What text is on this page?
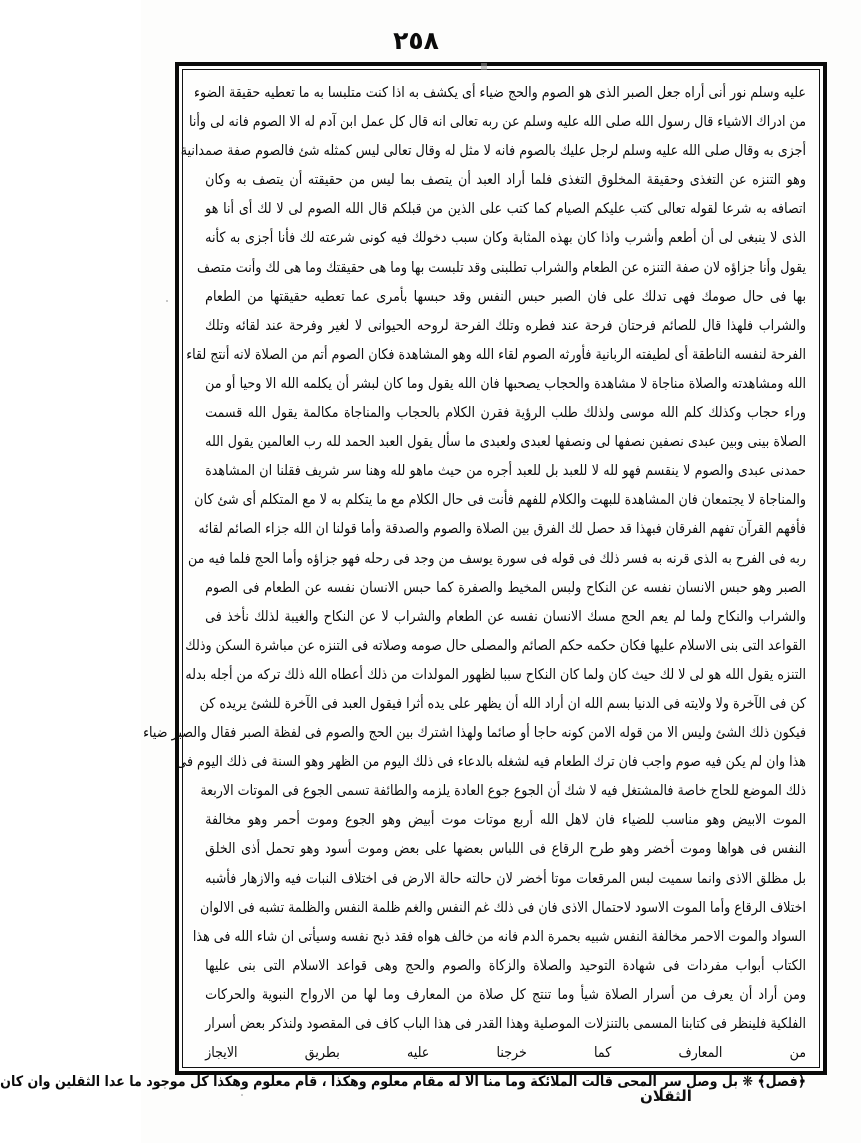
٢٥٨
عليه وسلم نور أنى أراه جعل الصبر الذى هو الصوم والحج ضياء أى يكشف به اذا كنت متلبسا به ما تعطيه حقيقة الضوء
من ادراك الاشياء قال رسول الله صلى الله عليه وسلم عن ربه تعالى انه قال كل عمل ابن آدم له الا الصوم فانه لى وأنا
أجزى به وقال صلى الله عليه وسلم لرجل عليك بالصوم فانه لا مثل له وقال تعالى ليس كمثله شئ فالصوم صفة صمدانية
وهو التنزه عن التغذى وحقيقة المخلوق التغذى فلما أراد العبد أن يتصف بما ليس من حقيقته أن يتصف به وكان
اتصافه به شرعا لقوله تعالى كتب عليكم الصيام كما كتب على الذين من قبلكم قال الله الصوم لى لا لك أى أنا هو
الذى لا ينبغى لى أن أطعم وأشرب واذا كان بهذه المثابة وكان سبب دخولك فيه كونى شرعته لك فأنا أجزى به كأنه
يقول وأنا جزاؤه لان صفة التنزه عن الطعام والشراب تطلبنى وقد تلبست بها وما هى حقيقتك وما هى لك وأنت متصف
بها فى حال صومك فهى تدلك على فان الصبر حبس النفس وقد حبسها بأمرى عما تعطيه حقيقتها من الطعام
والشراب فلهذا قال للصائم فرحتان فرحة عند فطره وتلك الفرحة لروحه الحيوانى لا لغير وفرحة عند لقائه وتلك
الفرحة لنفسه الناطقة أى لطيفته الربانية فأورثه الصوم لقاء الله وهو المشاهدة فكان الصوم أتم من الصلاة لانه أنتج لقاء
الله ومشاهدته والصلاة مناجاة لا مشاهدة والحجاب يصحبها فان الله يقول وما كان لبشر أن يكلمه الله الا وحيا أو من
وراء حجاب وكذلك كلم الله موسى ولذلك طلب الرؤية فقرن الكلام بالحجاب والمناجاة مكالمة يقول الله قسمت
الصلاة بينى وبين عبدى نصفين نصفها لى ونصفها لعبدى ولعبدى ما سأل يقول العبد الحمد لله رب العالمين يقول الله
حمدنى عبدى والصوم لا ينقسم فهو لله لا للعبد بل للعبد أجره من حيث ماهو لله وهنا سر شريف فقلنا ان المشاهدة
والمناجاة لا يجتمعان فان المشاهدة للبهت والكلام للفهم فأنت فى حال الكلام مع ما يتكلم به لا مع المتكلم أى شئ كان
فأفهم القرآن تفهم الفرقان فبهذا قد حصل لك الفرق بين الصلاة والصوم والصدقة وأما قولنا ان الله جزاء الصائم لقائه
ربه فى الفرح به الذى قرنه به فسر ذلك فى قوله فى سورة يوسف من وجد فى رحله فهو جزاؤه وأما الحج فلما فيه من
الصبر وهو حبس الانسان نفسه عن النكاح ولبس المخيط والصفرة كما حبس الانسان نفسه عن الطعام فى الصوم
والشراب والنكاح ولما لم يعم الحج مسك الانسان نفسه عن الطعام والشراب لا عن النكاح والغيبة لذلك نأخذ فى
القواعد التى بنى الاسلام عليها فكان حكمه حكم الصائم والمصلى حال صومه وصلاته فى التنزه عن مباشرة السكن وذلك
التنزه يقول الله هو لى لا لك حيث كان ولما كان النكاح سببا لظهور المولدات من ذلك أعطاه الله ذلك تركه من أجله بدله
كن فى الآخرة ولا ولايته فى الدنيا بسم الله ان أراد الله أن يظهر على يده أثرا فيقول العبد فى الآخرة للشئ يريده كن
فيكون ذلك الشئ وليس الا من قوله الامن كونه حاجا أو صائما ولهذا اشترك بين الحج والصوم فى لفظة الصبر فقال والصبر ضياء
هذا وان لم يكن فيه صوم واجب فان ترك الطعام فيه لشغله بالدعاء فى ذلك اليوم من الظهر وهو السنة فى ذلك اليوم فى
ذلك الموضع للحاج خاصة فالمشتغل فيه لا شك أن الجوع جوع العادة يلزمه والطائفة تسمى الجوع فى الموتات الاربعة
الموت الابيض وهو مناسب للضياء فان لاهل الله أربع موتات موت أبيض وهو الجوع وموت أحمر وهو مخالفة
النفس فى هواها وموت أخضر وهو طرح الرقاع فى اللباس بعضها على بعض وموت أسود وهو تحمل أذى الخلق
بل مظلق الاذى وانما سميت لبس المرقعات موتا أخضر لان حالته حالة الارض فى اختلاف النبات فيه والازهار فأشبه
اختلاف الرقاع وأما الموت الاسود لاحتمال الاذى فان فى ذلك غم النفس والغم ظلمة النفس والظلمة تشبه فى الالوان
السواد والموت الاحمر مخالفة النفس شبيه بحمرة الدم فانه من خالف هواه فقد ذبح نفسه وسيأتى ان شاء الله فى هذا
الكتاب أبواب مفردات فى شهادة التوحيد والصلاة والزكاة والصوم والحج وهى قواعد الاسلام التى بنى عليها
ومن أراد أن يعرف من أسرار الصلاة شيأ وما تنتج كل صلاة من المعارف وما لها من الارواح النبوية والحركات
الفلكية فلينظر فى كتابنا المسمى بالتنزلات الموصلية وهذا القدر فى هذا الباب كاف فى المقصود ولنذكر بعض أسرار
من المعارف كما خرجنا عليه بطريق الايجاز
﴿فصل﴾ ❋ بل وصل سر المحى قالت الملائكة وما منا الا له مقام معلوم وهكذا ، قام معلوم وهكذا كل موجود ما عدا الثقلين وان كان
الثقلان
